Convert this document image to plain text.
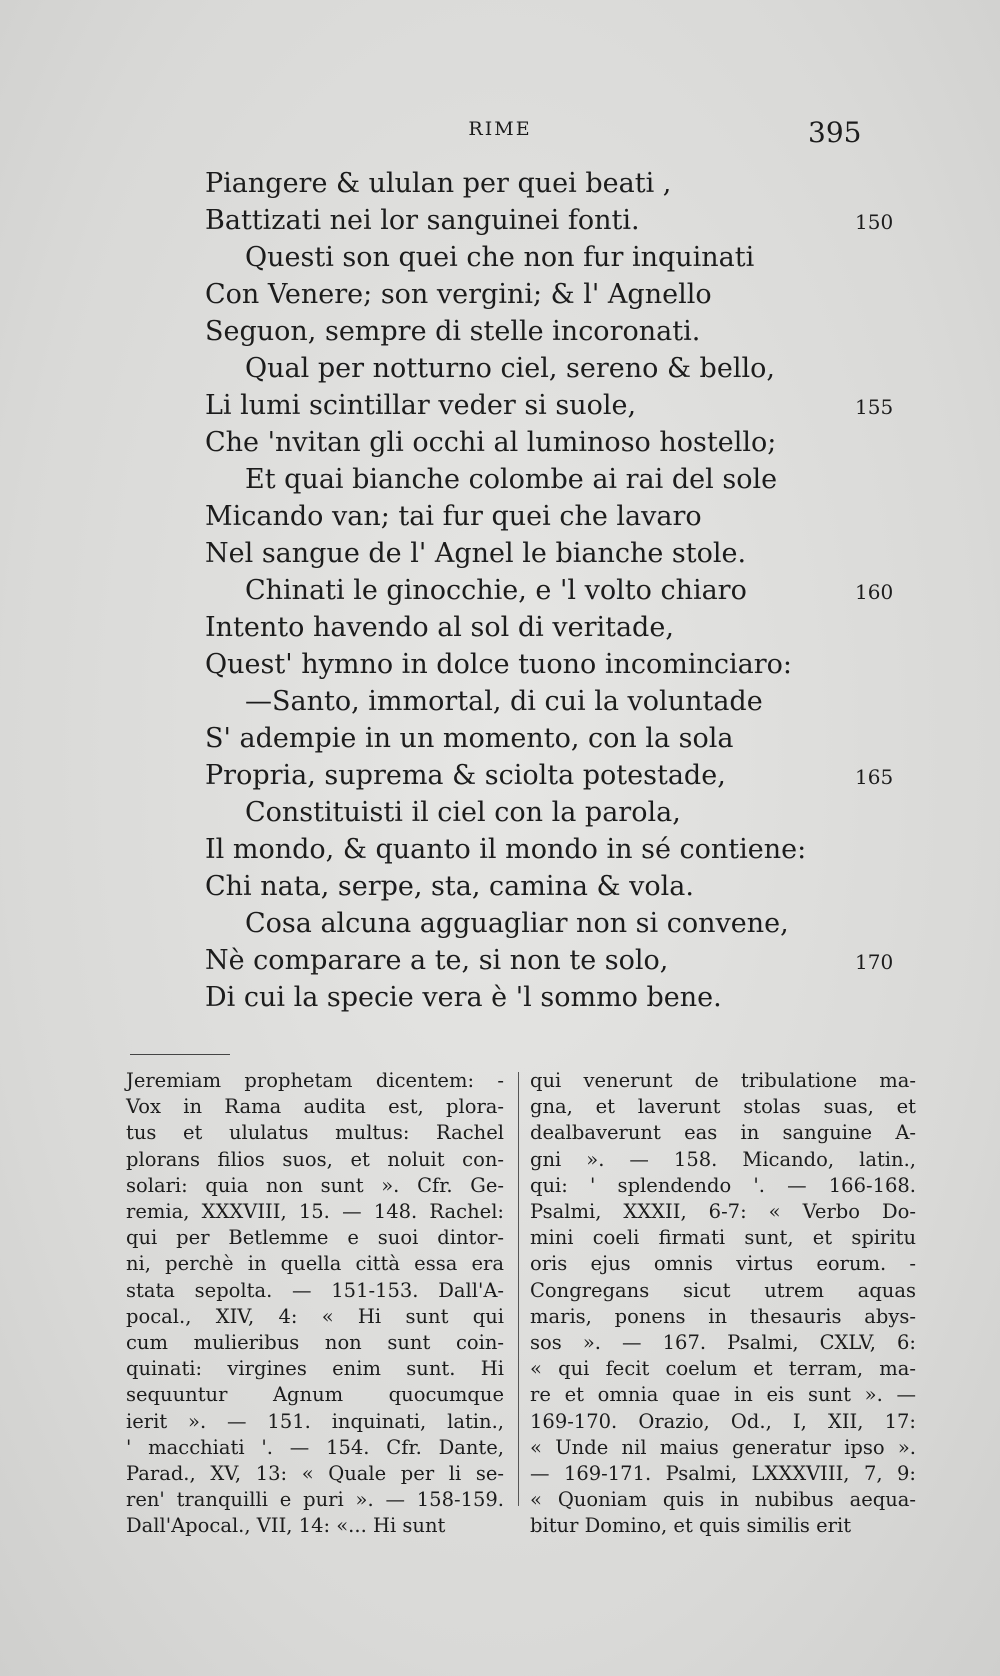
RIME	395
Piangere & ululan per quei beati ,
Battizati nei lor sanguinei fonti.	150
Questi son quei che non fur inquinati
Con Venere; son vergini; & l' Agnello
Seguon, sempre di stelle incoronati.
Qual per notturno ciel, sereno & bello,
Li lumi scintillar veder si suole,	155
Che 'nvitan gli occhi al luminoso hostello;
Et quai bianche colombe ai rai del sole
Micando van; tai fur quei che lavaro
Nel sangue de l' Agnel le bianche stole.
Chinati le ginocchie, e 'l volto chiaro	160
Intento havendo al sol di veritade,
Quest' hymno in dolce tuono incominciaro:
—Santo, immortal, di cui la voluntade
S' adempie in un momento, con la sola
Propria, suprema & sciolta potestade,	165
Constituisti il ciel con la parola,
Il mondo, & quanto il mondo in sé contiene:
Chi nata, serpe, sta, camina & vola.
Cosa alcuna agguagliar non si convene,
Nè comparare a te, si non te solo,	170
Di cui la specie vera è 'l sommo bene.
Jeremiam prophetam dicentem: -
Vox in Rama audita est, plora-
tus et ululatus multus: Rachel
plorans filios suos, et noluit con-
solari: quia non sunt ». Cfr. Ge-
remia, XXXVIII, 15. — 148. Rachel:
qui per Betlemme e suoi dintor-
ni, perchè in quella città essa era
stata sepolta. — 151-153. Dall'A-
pocal., XIV, 4: « Hi sunt qui
cum mulieribus non sunt coin-
quinati: virgines enim sunt. Hi
sequuntur Agnum quocumque
ierit ». — 151. inquinati, latin.,
' macchiati '. — 154. Cfr. Dante,
Parad., XV, 13: « Quale per li se-
ren' tranquilli e puri ». — 158-159.
Dall'Apocal., VII, 14: «... Hi sunt
qui venerunt de tribulatione ma-
gna, et laverunt stolas suas, et
dealbaverunt eas in sanguine A-
gni ». — 158. Micando, latin.,
qui: ' splendendo '. — 166-168.
Psalmi, XXXII, 6-7: « Verbo Do-
mini coeli firmati sunt, et spiritu
oris ejus omnis virtus eorum. -
Congregans sicut utrem aquas
maris, ponens in thesauris abys-
sos ». — 167. Psalmi, CXLV, 6:
« qui fecit coelum et terram, ma-
re et omnia quae in eis sunt ». —
169-170. Orazio, Od., I, XII, 17:
« Unde nil maius generatur ipso ».
— 169-171. Psalmi, LXXXVIII, 7, 9:
« Quoniam quis in nubibus aequa-
bitur Domino, et quis similis erit
